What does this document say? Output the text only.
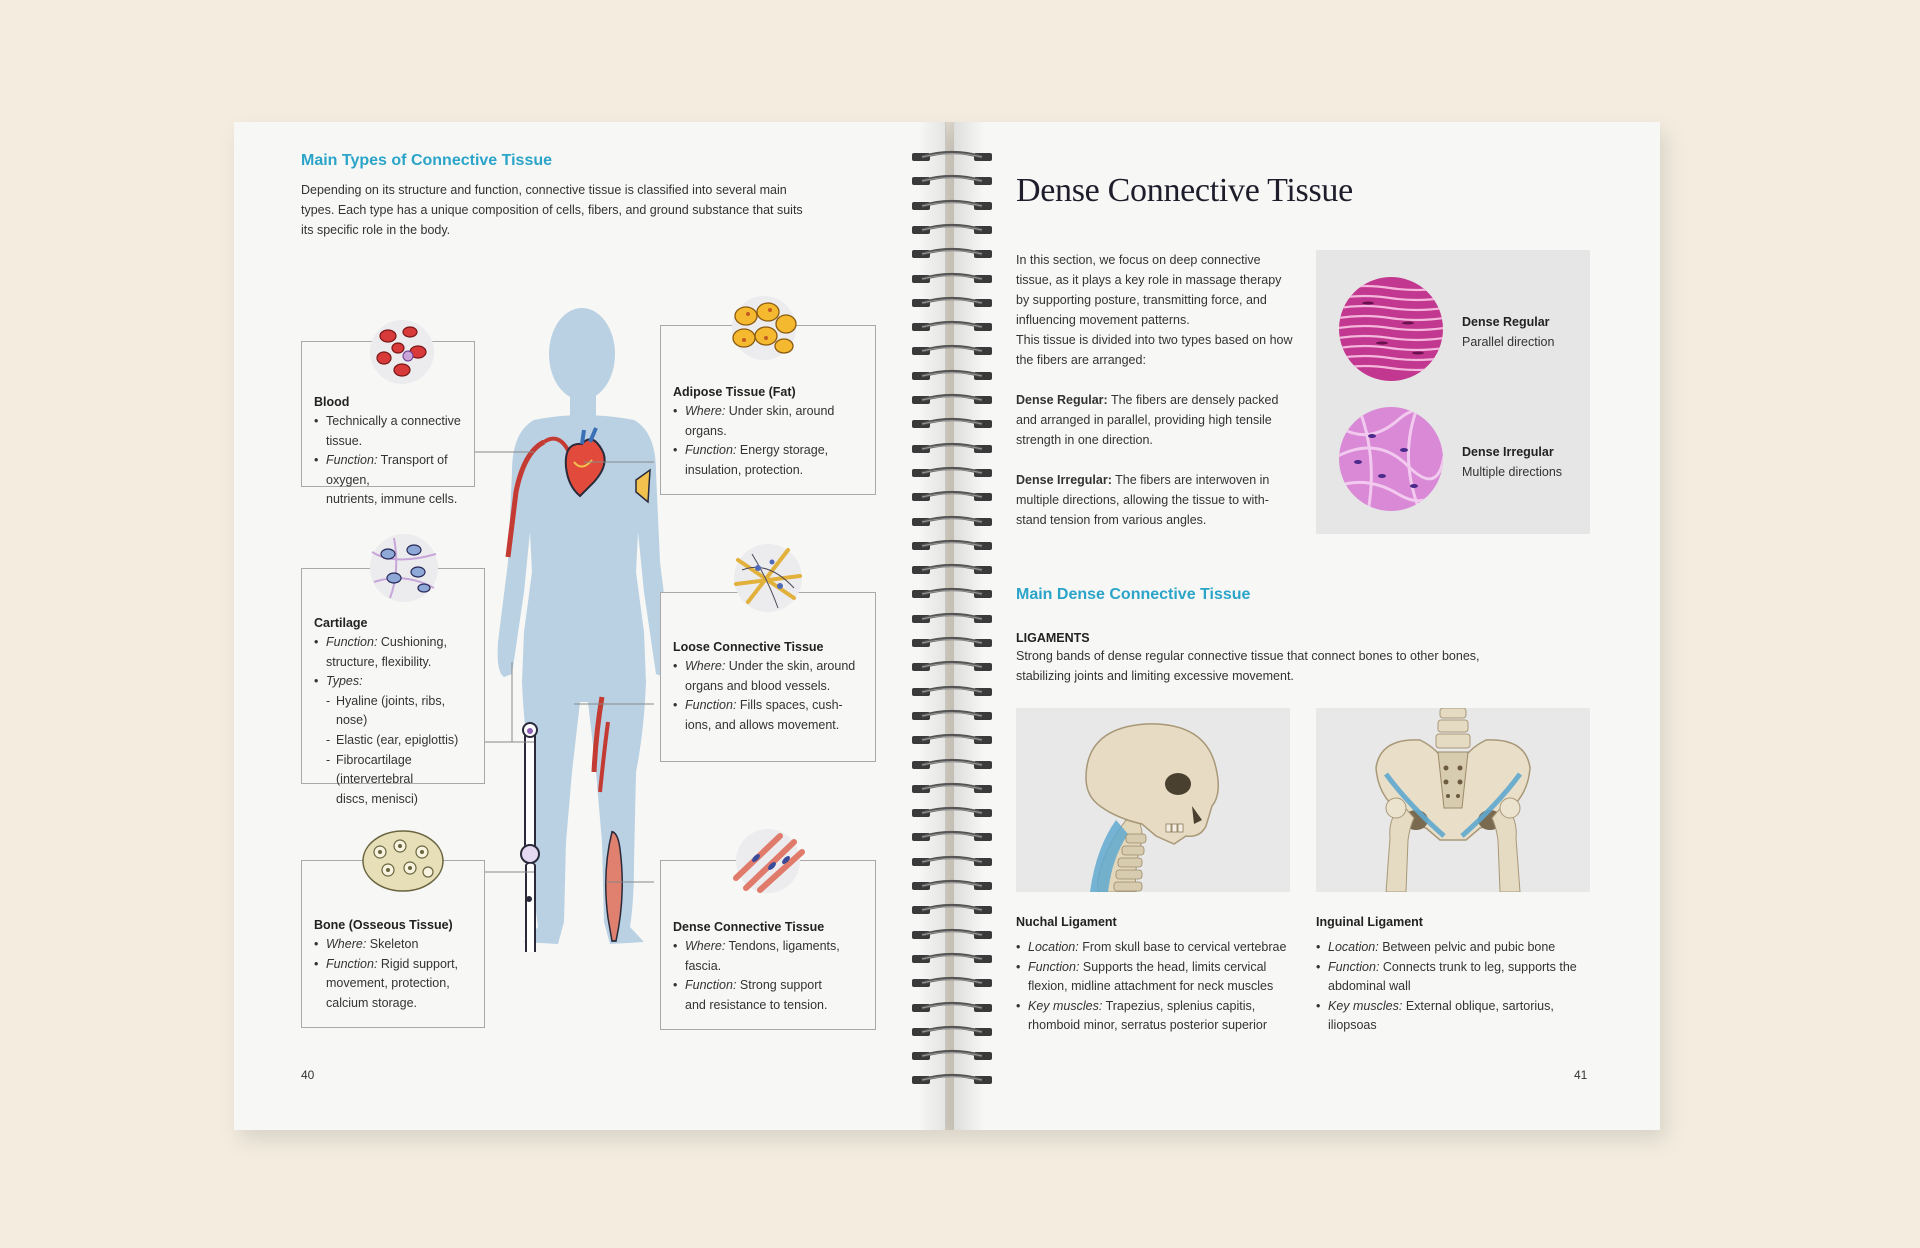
Main Types of Connective Tissue
Depending on its structure and function, connective tissue is classified into several main
types. Each type has a unique composition of cells, fibers, and ground substance that suits
its specific role in the body.
Blood
• Technically a connective tissue.
• Function: Transport of oxygen,
nutrients, immune cells.
Cartilage
• Function: Cushioning,
structure, flexibility.
• Types:
- Hyaline (joints, ribs, nose)
- Elastic (ear, epiglottis)
- Fibrocartilage (intervertebral
discs, menisci)
Bone (Osseous Tissue)
• Where: Skeleton
• Function: Rigid support,
movement, protection,
calcium storage.
Adipose Tissue (Fat)
• Where: Under skin, around
organs.
• Function: Energy storage,
insulation, protection.
Loose Connective Tissue
• Where: Under the skin, around
organs and blood vessels.
• Function: Fills spaces, cush-
ions, and allows movement.
Dense Connective Tissue
• Where: Tendons, ligaments,
fascia.
• Function: Strong support
and resistance to tension.
40
Dense Connective Tissue
In this section, we focus on deep connective
tissue, as it plays a key role in massage therapy
by supporting posture, transmitting force, and
influencing movement patterns.
This tissue is divided into two types based on how
the fibers are arranged:
Dense Regular: The fibers are densely packed
and arranged in parallel, providing high tensile
strength in one direction.
Dense Irregular: The fibers are interwoven in
multiple directions, allowing the tissue to with-
stand tension from various angles.
Dense Regular
Parallel direction
Dense Irregular
Multiple directions
Main Dense Connective Tissue
LIGAMENTS
Strong bands of dense regular connective tissue that connect bones to other bones,
stabilizing joints and limiting excessive movement.
Nuchal Ligament
• Location: From skull base to cervical vertebrae
• Function: Supports the head, limits cervical
flexion, midline attachment for neck muscles
• Key muscles: Trapezius, splenius capitis,
rhomboid minor, serratus posterior superior
Inguinal Ligament
• Location: Between pelvic and pubic bone
• Function: Connects trunk to leg, supports the
abdominal wall
• Key muscles: External oblique, sartorius,
iliopsoas
41
